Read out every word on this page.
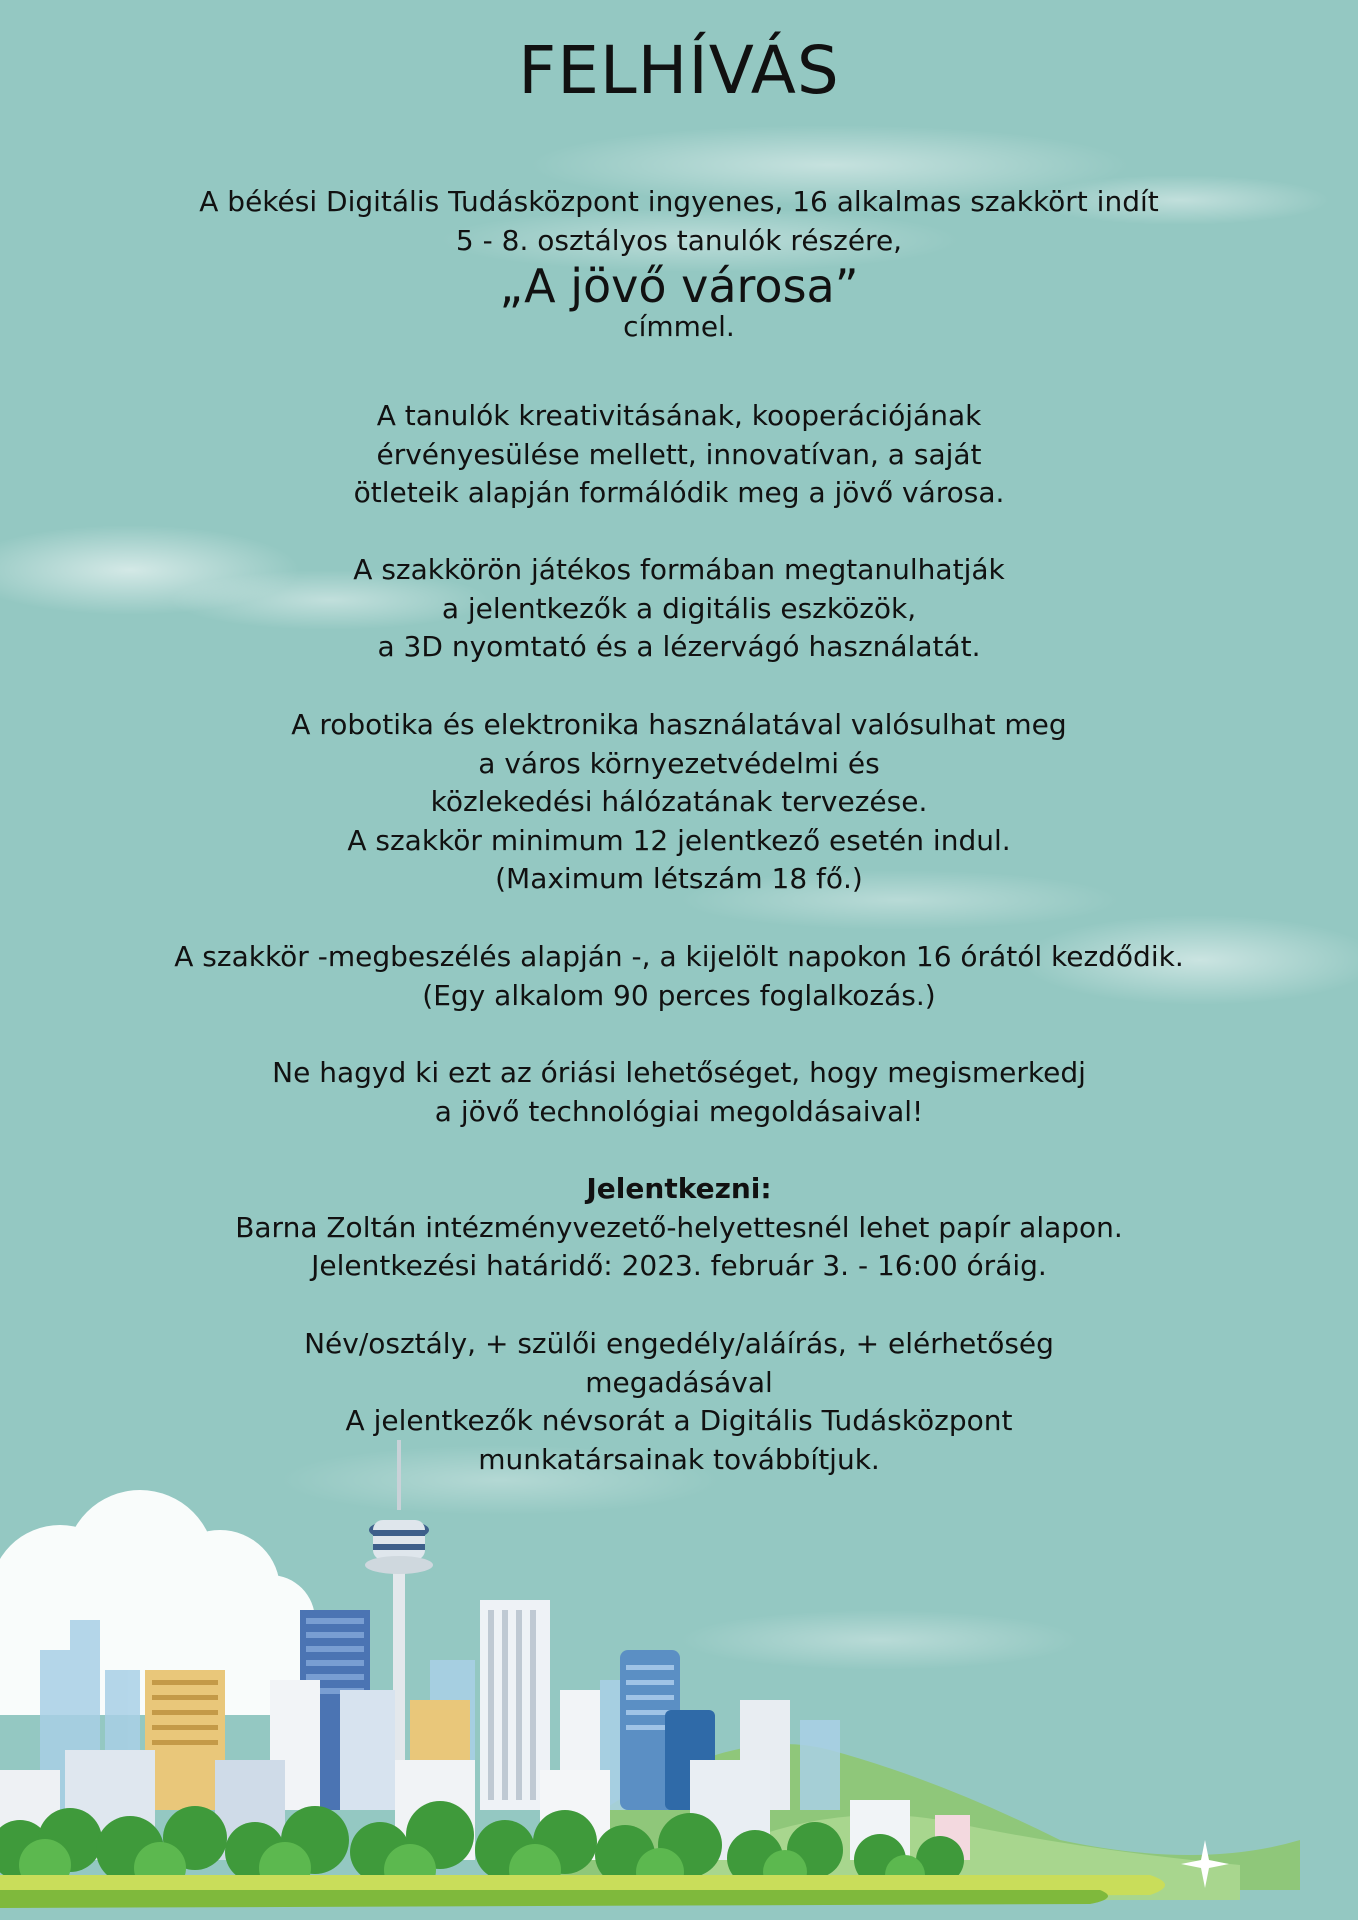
FELHÍVÁS
A békési Digitális Tudásközpont ingyenes, 16 alkalmas szakkört indít
5 - 8. osztályos tanulók részére,
„A jövő városa”
címmel.
A tanulók kreativitásának, kooperációjának
érvényesülése mellett, innovatívan, a saját
ötleteik alapján formálódik meg a jövő városa.
A szakkörön játékos formában megtanulhatják
a jelentkezők a digitális eszközök,
a 3D nyomtató és a lézervágó használatát.
A robotika és elektronika használatával valósulhat meg
a város környezetvédelmi és
közlekedési hálózatának tervezése.
A szakkör minimum 12 jelentkező esetén indul.
(Maximum létszám 18 fő.)
A szakkör -megbeszélés alapján -, a kijelölt napokon 16 órától kezdődik.
(Egy alkalom 90 perces foglalkozás.)
Ne hagyd ki ezt az óriási lehetőséget, hogy megismerkedj
a jövő technológiai megoldásaival!
Jelentkezni:
Barna Zoltán intézményvezető-helyettesnél lehet papír alapon.
Jelentkezési határidő: 2023. február 3. - 16:00 óráig.
Név/osztály, + szülői engedély/aláírás, + elérhetőség
megadásával
A jelentkezők névsorát a Digitális Tudásközpont
munkatársainak továbbítjuk.
